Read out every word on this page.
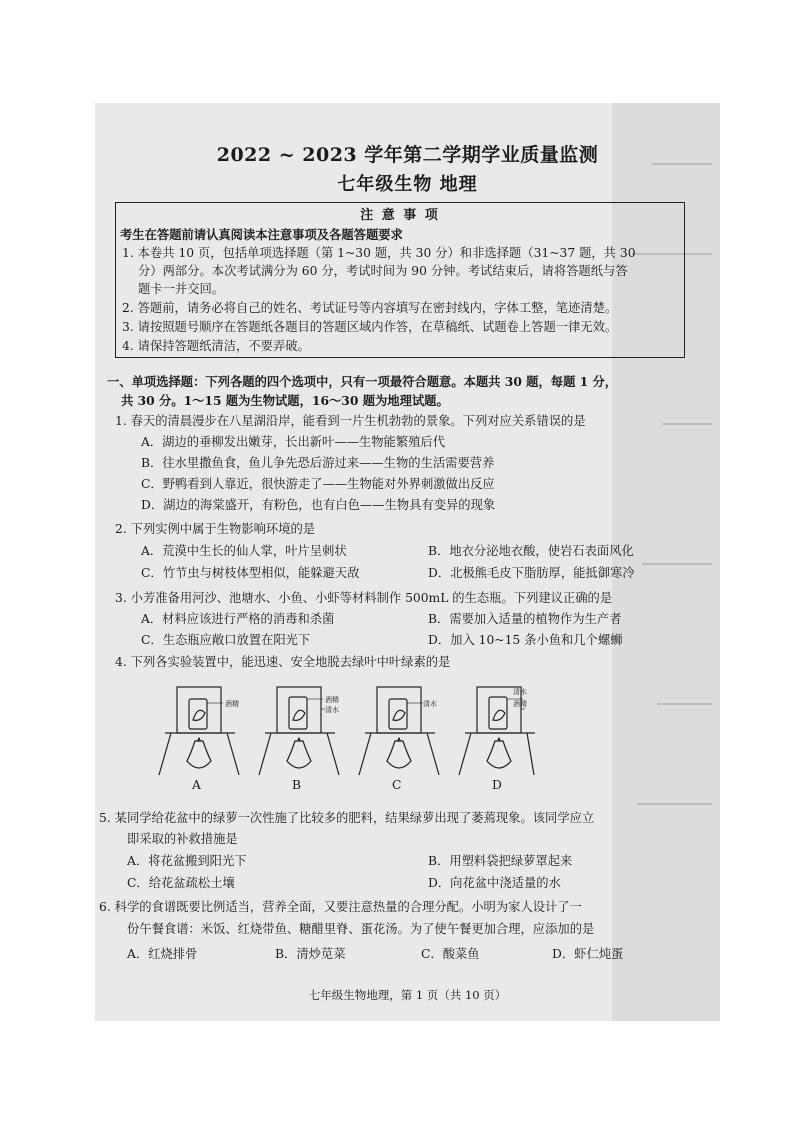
2022 ~ 2023 学年第二学期学业质量监测
七年级生物 地理
注 意 事 项
考生在答题前请认真阅读本注意事项及各题答题要求
1. 本卷共 10 页，包括单项选择题（第 1~30 题，共 30 分）和非选择题（31~37 题，共 30
分）两部分。本次考试满分为 60 分，考试时间为 90 分钟。考试结束后，请将答题纸与答
题卡一并交回。
2. 答题前，请务必将自己的姓名、考试证号等内容填写在密封线内，字体工整，笔迹清楚。
3. 请按照题号顺序在答题纸各题目的答题区域内作答，在草稿纸、试题卷上答题一律无效。
4. 请保持答题纸清洁，不要弄破。
一、单项选择题：下列各题的四个选项中，只有一项最符合题意。本题共 30 题，每题 1 分，
共 30 分。1～15 题为生物试题，16～30 题为地理试题。
1. 春天的清晨漫步在八星湖沿岸，能看到一片生机勃勃的景象。下列对应关系错误的是
A．湖边的垂柳发出嫩芽，长出新叶——生物能繁殖后代
B．往水里撒鱼食，鱼儿争先恐后游过来——生物的生活需要营养
C．野鸭看到人靠近，很快游走了——生物能对外界刺激做出反应
D．湖边的海棠盛开，有粉色，也有白色——生物具有变异的现象
2. 下列实例中属于生物影响环境的是
A．荒漠中生长的仙人掌，叶片呈刺状	B．地衣分泌地衣酸，使岩石表面风化
C．竹节虫与树枝体型相似，能躲避天敌	D．北极熊毛皮下脂肪厚，能抵御寒冷
3. 小芳准备用河沙、池塘水、小鱼、小虾等材料制作 500mL 的生态瓶。下列建议正确的是
A．材料应该进行严格的消毒和杀菌	B．需要加入适量的植物作为生产者
C．生态瓶应敞口放置在阳光下	D．加入 10~15 条小鱼和几个螺蛳
4. 下列各实验装置中，能迅速、安全地脱去绿叶中叶绿素的是
酒精	酒精
清水
清水
清水
酒精
A	B	C	D
5. 某同学给花盆中的绿萝一次性施了比较多的肥料，结果绿萝出现了萎蔫现象。该同学应立
即采取的补救措施是
A．将花盆搬到阳光下	B．用塑料袋把绿萝罩起来
C．给花盆疏松土壤	D．向花盆中浇适量的水
6. 科学的食谱既要比例适当，营养全面，又要注意热量的合理分配。小明为家人设计了一
份午餐食谱：米饭、红烧带鱼、糖醋里脊、蛋花汤。为了使午餐更加合理，应添加的是
A．红烧排骨	B．清炒苋菜	C．酸菜鱼	D．虾仁炖蛋
七年级生物地理，第 1 页（共 10 页）
